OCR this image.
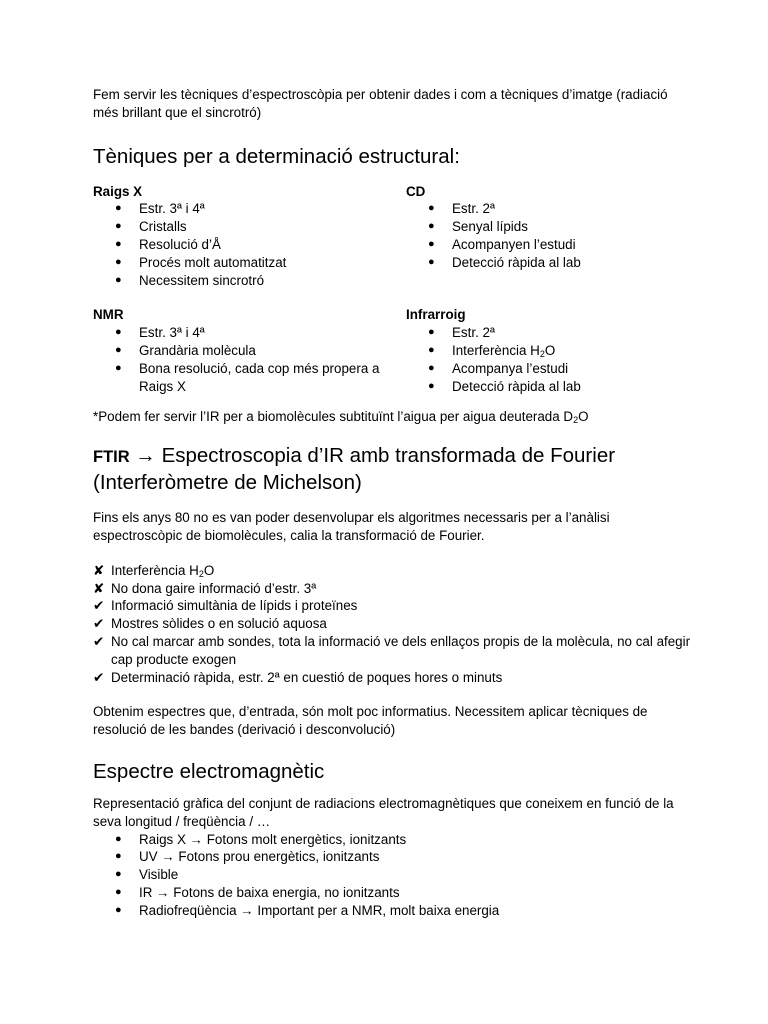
Fem servir les tècniques d’espectroscòpia per obtenir dades i com a tècniques d’imatge (radiació més brillant que el sincrotró)

Tèniques per a determinació estructural:
Raigs X
● Estr. 3ª i 4ª
● Cristalls
● Resolució d’Å
● Procés molt automatitzat
● Necessitem sincrotró
CD
● Estr. 2ª
● Senyal lípids
● Acompanyen l’estudi
● Detecció ràpida al lab
NMR
● Estr. 3ª i 4ª
● Grandària molècula
● Bona resolució, cada cop més propera a Raigs X
Infrarroig
● Estr. 2ª
● Interferència $H_2O$
● Acompanya l’estudi
● Detecció ràpida al lab

*Podem fer servir l’IR per a biomolècules subtituïnt l’aigua per aigua deuterada $D_2O$

FTIR → Espectroscopia d’IR amb transformada de Fourier (Interferòmetre de Michelson)

Fins els anys 80 no es van poder desenvolupar els algoritmes necessaris per a l’anàlisi espectroscòpic de biomolècules, calia la transformació de Fourier.

✘ Interferència $H_2O$
✘ No dona gaire informació d’estr. 3ª
✔ Informació simultània de lípids i proteïnes
✔ Mostres sòlides o en solució aquosa
✔ No cal marcar amb sondes, tota la informació ve dels enllaços propis de la molècula, no cal afegir cap producte exogen
✔ Determinació ràpida, estr. 2ª en cuestió de poques hores o minuts

Obtenim espectres que, d’entrada, són molt poc informatius. Necessitem aplicar tècniques de resolució de les bandes (derivació i desconvolució)

Espectre electromagnètic

Representació gràfica del conjunt de radiacions electromagnètiques que coneixem en funció de la seva longitud / freqüència / …

● Raigs X → Fotons molt energètics, ionitzants
● UV → Fotons prou energètics, ionitzants
● Visible
● IR → Fotons de baixa energia, no ionitzants
● Radiofreqüència → Important per a NMR, molt baixa energia
